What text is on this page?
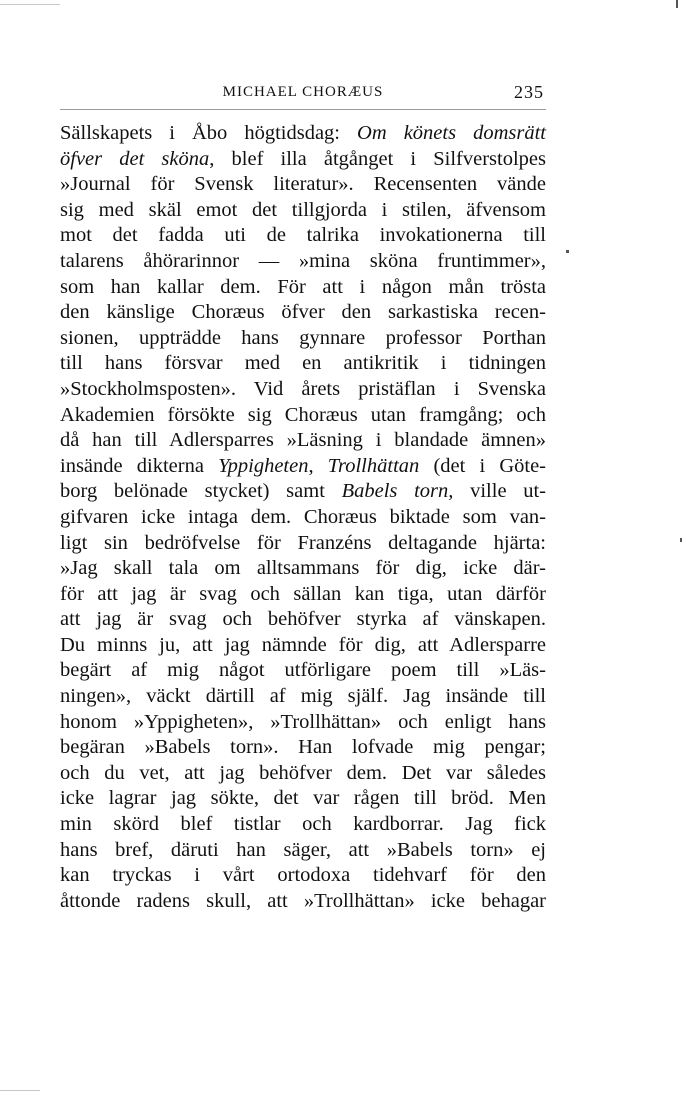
MICHAEL CHORÆUS	235
Sällskapets i Åbo högtidsdag: Om könets domsrätt
öfver det sköna, blef illa åtgånget i Silfverstolpes
»Journal för Svensk literatur». Recensenten vände
sig med skäl emot det tillgjorda i stilen, äfvensom
mot det fadda uti de talrika invokationerna till
talarens åhörarinnor — »mina sköna fruntimmer»,
som han kallar dem. För att i någon mån trösta
den känslige Choræus öfver den sarkastiska recen-
sionen, uppträdde hans gynnare professor Porthan
till hans försvar med en antikritik i tidningen
»Stockholmsposten». Vid årets pristäflan i Svenska
Akademien försökte sig Choræus utan framgång; och
då han till Adlersparres »Läsning i blandade ämnen»
insände dikterna Yppigheten, Trollhättan (det i Göte-
borg belönade stycket) samt Babels torn, ville ut-
gifvaren icke intaga dem. Choræus biktade som van-
ligt sin bedröfvelse för Franzéns deltagande hjärta:
»Jag skall tala om alltsammans för dig, icke där-
för att jag är svag och sällan kan tiga, utan därför
att jag är svag och behöfver styrka af vänskapen.
Du minns ju, att jag nämnde för dig, att Adlersparre
begärt af mig något utförligare poem till »Läs-
ningen», väckt därtill af mig själf. Jag insände till
honom »Yppigheten», »Trollhättan» och enligt hans
begäran »Babels torn». Han lofvade mig pengar;
och du vet, att jag behöfver dem. Det var således
icke lagrar jag sökte, det var rågen till bröd. Men
min skörd blef tistlar och kardborrar. Jag fick
hans bref, däruti han säger, att »Babels torn» ej
kan tryckas i vårt ortodoxa tidehvarf för den
åttonde radens skull, att »Trollhättan» icke behagar
